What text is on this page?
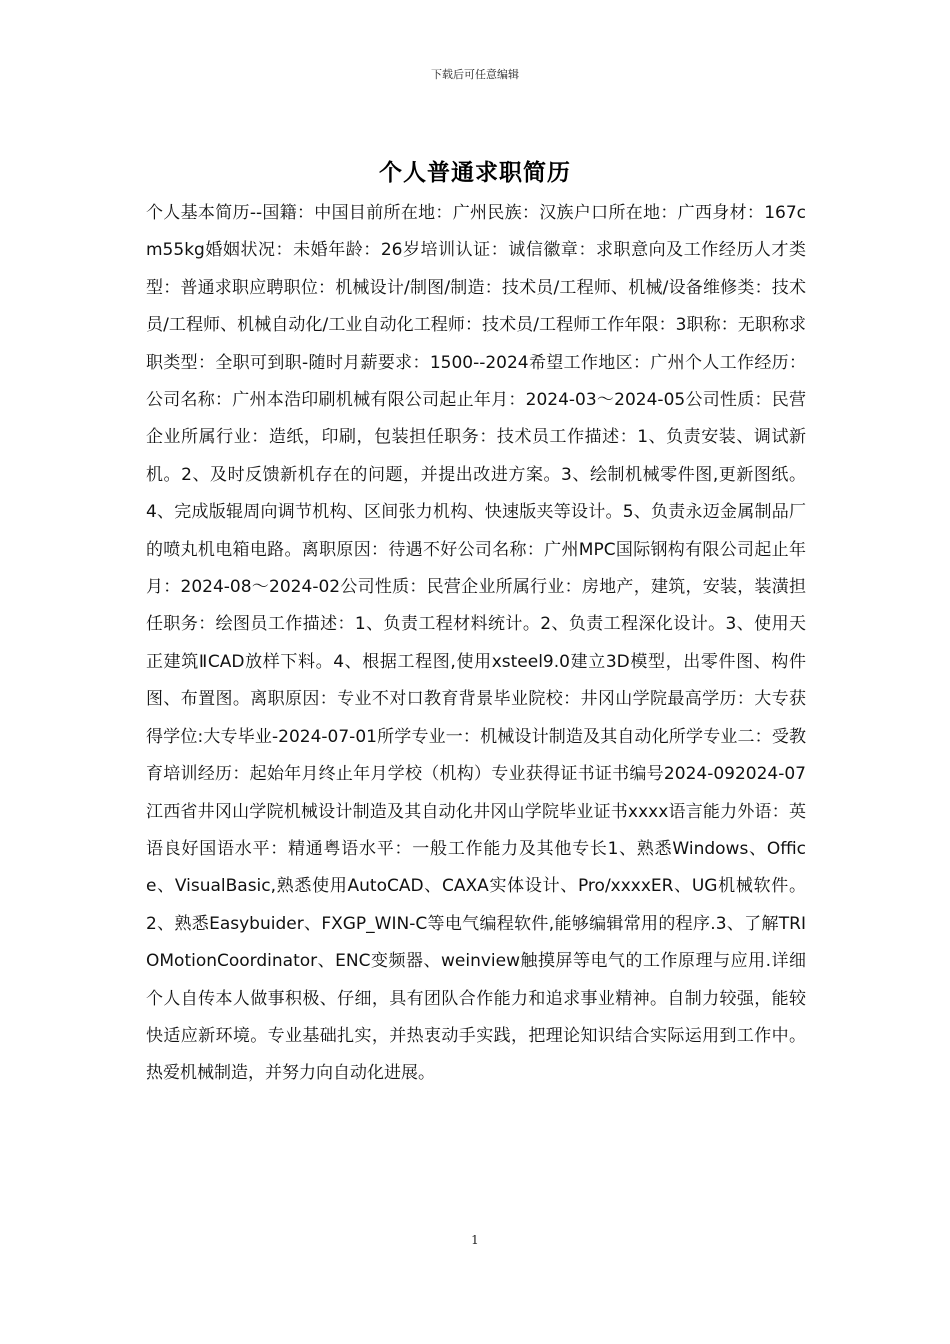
下载后可任意编辑
个人普通求职简历

个人基本简历--国籍：中国目前所在地：广州民族：汉族户口所在地：广西身材：167cm55kg婚姻状况：未婚年龄：26岁培训认证：诚信徽章：求职意向及工作经历人才类型：普通求职应聘职位：机械设计/制图/制造：技术员/工程师、机械/设备维修类：技术员/工程师、机械自动化/工业自动化工程师：技术员/工程师工作年限：3职称：无职称求职类型：全职可到职-随时月薪要求：1500--2024希望工作地区：广州个人工作经历：公司名称：广州本浩印刷机械有限公司起止年月：2024-03～2024-05公司性质：民营企业所属行业：造纸，印刷，包装担任职务：技术员工作描述：1、负责安装、调试新机。2、及时反馈新机存在的问题，并提出改进方案。3、绘制机械零件图,更新图纸。4、完成版辊周向调节机构、区间张力机构、快速版夹等设计。5、负责永迈金属制品厂的喷丸机电箱电路。离职原因：待遇不好公司名称：广州MPC国际钢构有限公司起止年月：2024-08～2024-02公司性质：民营企业所属行业：房地产，建筑，安装，装潢担任职务：绘图员工作描述：1、负责工程材料统计。2、负责工程深化设计。3、使用天正建筑ⅡCAD放样下料。4、根据工程图,使用xsteel9.0建立3D模型，出零件图、构件图、布置图。离职原因：专业不对口教育背景毕业院校：井冈山学院最高学历：大专获得学位:大专毕业-2024-07-01所学专业一：机械设计制造及其自动化所学专业二：受教育培训经历：起始年月终止年月学校（机构）专业获得证书证书编号2024-092024-07江西省井冈山学院机械设计制造及其自动化井冈山学院毕业证书xxxx语言能力外语：英语良好国语水平：精通粤语水平：一般工作能力及其他专长1、熟悉Windows、Office、VisualBasic,熟悉使用AutoCAD、CAXA实体设计、Pro/xxxxER、UG机械软件。2、熟悉Easybuider、FXGP_WIN-C等电气编程软件,能够编辑常用的程序.3、了解TRIOMotionCoordinator、ENC变频器、weinview触摸屏等电气的工作原理与应用.详细个人自传本人做事积极、仔细，具有团队合作能力和追求事业精神。自制力较强，能较快适应新环境。专业基础扎实，并热衷动手实践，把理论知识结合实际运用到工作中。热爱机械制造，并努力向自动化进展。

1
